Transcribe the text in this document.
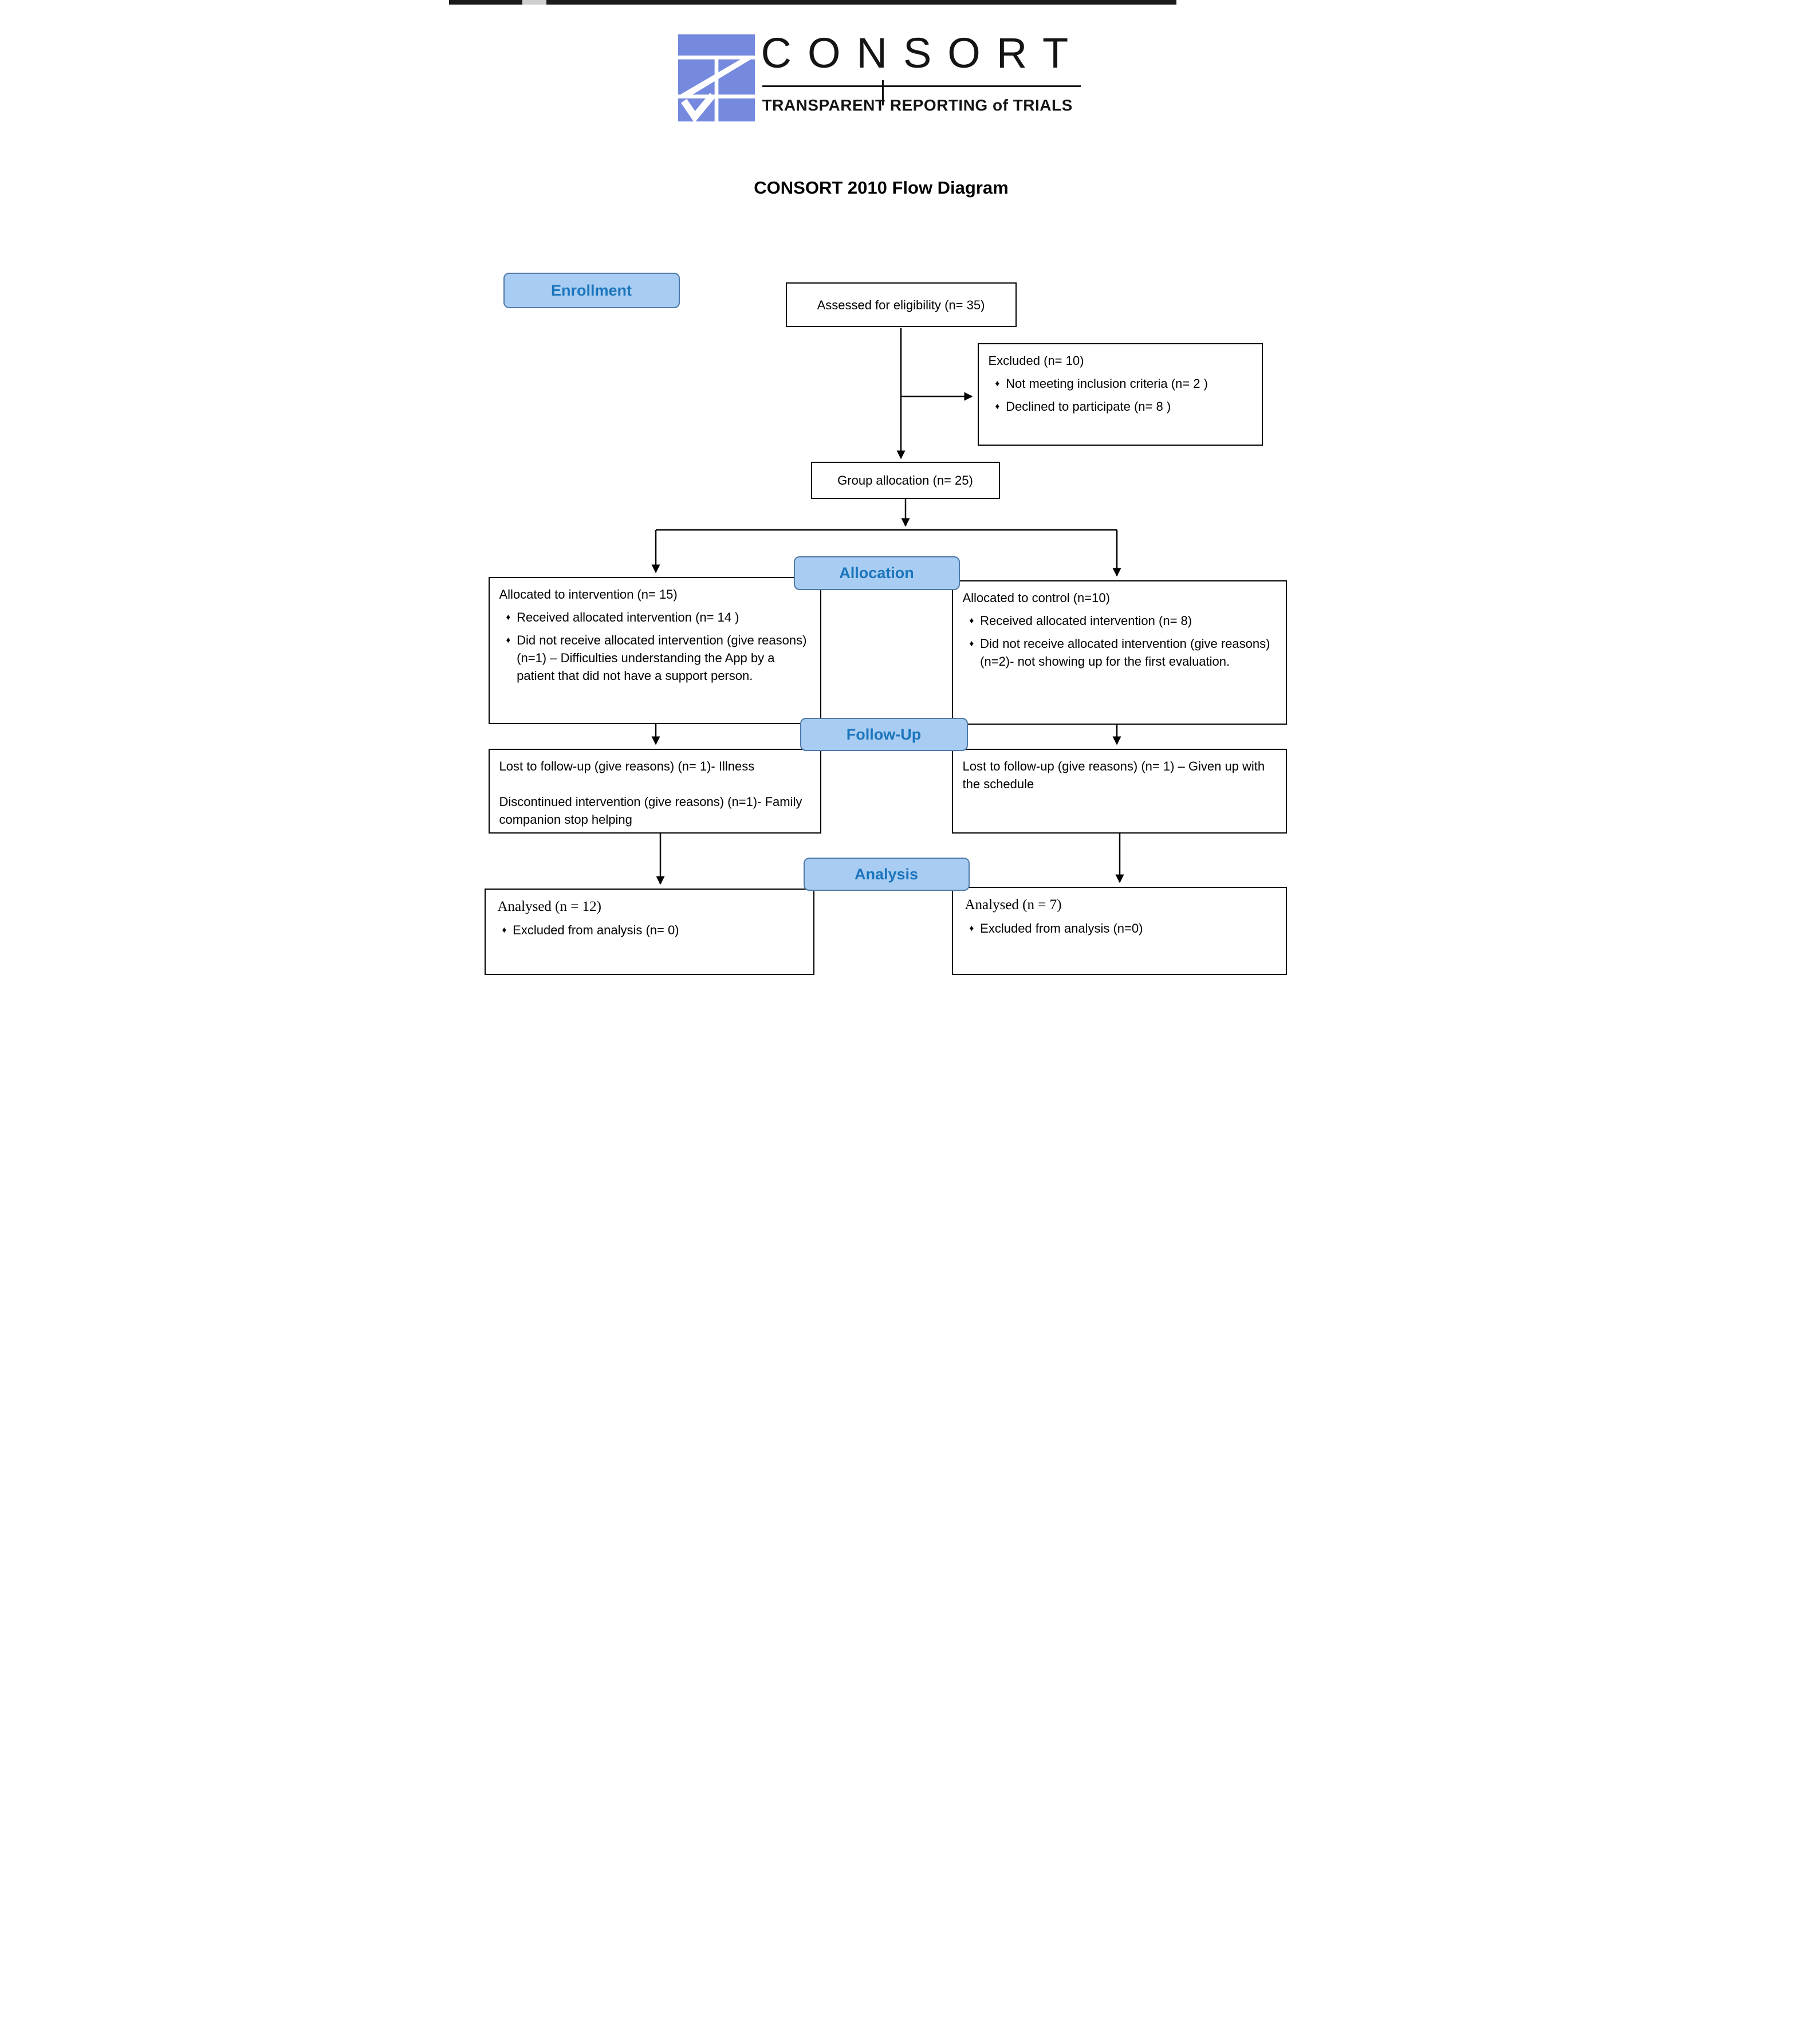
CONSORT
TRANSPARENT REPORTING of TRIALS
CONSORT 2010 Flow Diagram
Assessed for eligibility (n= 35)
Excluded (n= 10)
♦ Not meeting inclusion criteria (n= 2 )
♦ Declined to participate (n= 8 )
Group allocation (n= 25)
Allocated to intervention (n= 15)
♦ Received allocated intervention (n= 14 )
♦ Did not receive allocated intervention (give reasons) (n=1) – Difficulties understanding the App by a patient that did not have a support person.
Allocated to control (n=10)
♦ Received allocated intervention (n= 8)
♦ Did not receive allocated intervention (give reasons) (n=2)- not showing up for the first evaluation.
Lost to follow-up (give reasons) (n= 1)- Illness
Discontinued intervention (give reasons) (n=1)- Family companion stop helping
Lost to follow-up (give reasons) (n= 1) – Given up with the schedule
Analysed (n = 12)
♦ Excluded from analysis (n= 0)
Analysed (n = 7)
♦ Excluded from analysis (n=0)
Enrollment
Allocation
Follow-Up
Analysis
